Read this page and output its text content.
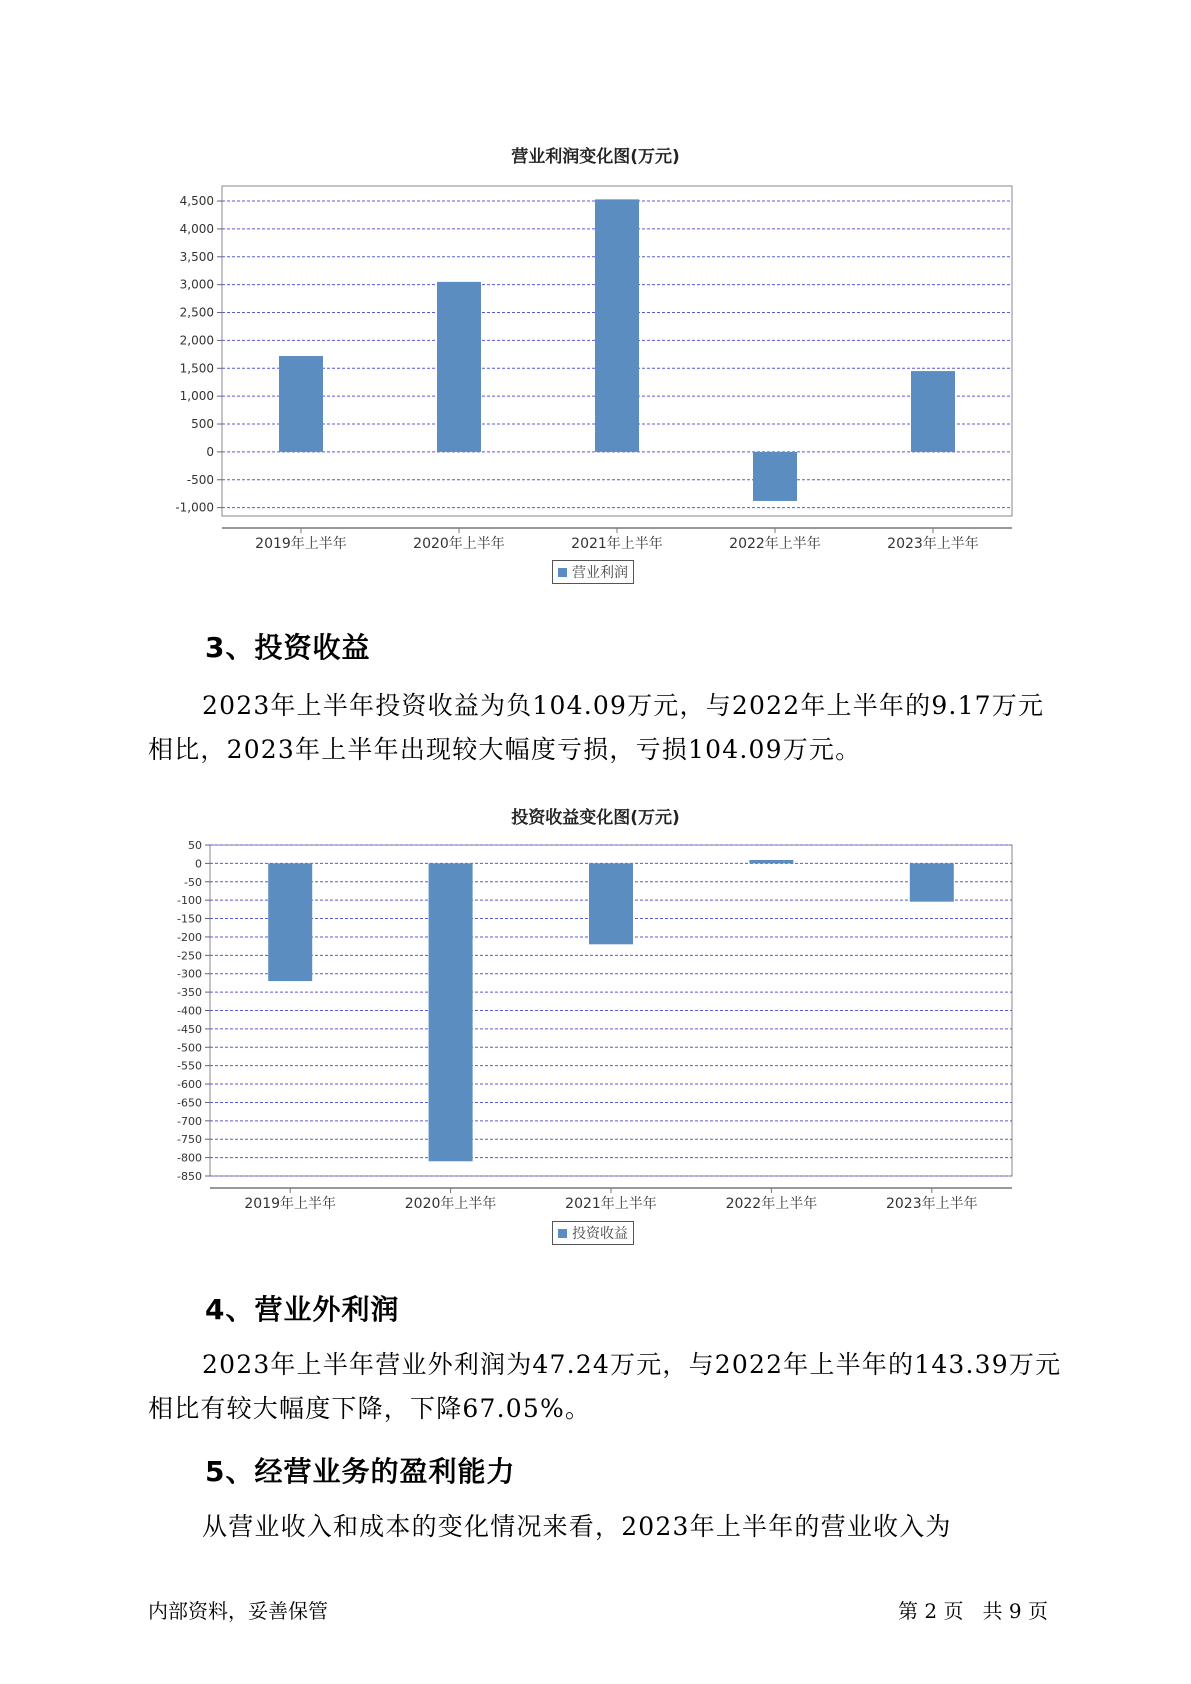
营业利润变化图(万元)
4,500
4,000
3,500
3,000
2,500
2,000
1,500
1,000
500
0
-500
-1,000
2019年上半年	2020年上半年	2021年上半年	2022年上半年	2023年上半年
营业利润
3、投资收益
2023年上半年投资收益为负104.09万元，与2022年上半年的9.17万元相比，2023年上半年出现较大幅度亏损，亏损104.09万元。
投资收益变化图(万元)
50
0
-50
-100
-150
-200
-250
-300
-350
-400
-450
-500
-550
-600
-650
-700
-750
-800
-850
2019年上半年	2020年上半年	2021年上半年	2022年上半年	2023年上半年
投资收益
4、营业外利润
2023年上半年营业外利润为47.24万元，与2022年上半年的143.39万元相比有较大幅度下降，下降67.05%。
5、经营业务的盈利能力
从营业收入和成本的变化情况来看，2023年上半年的营业收入为
内部资料，妥善保管	第 2 页   共 9 页
